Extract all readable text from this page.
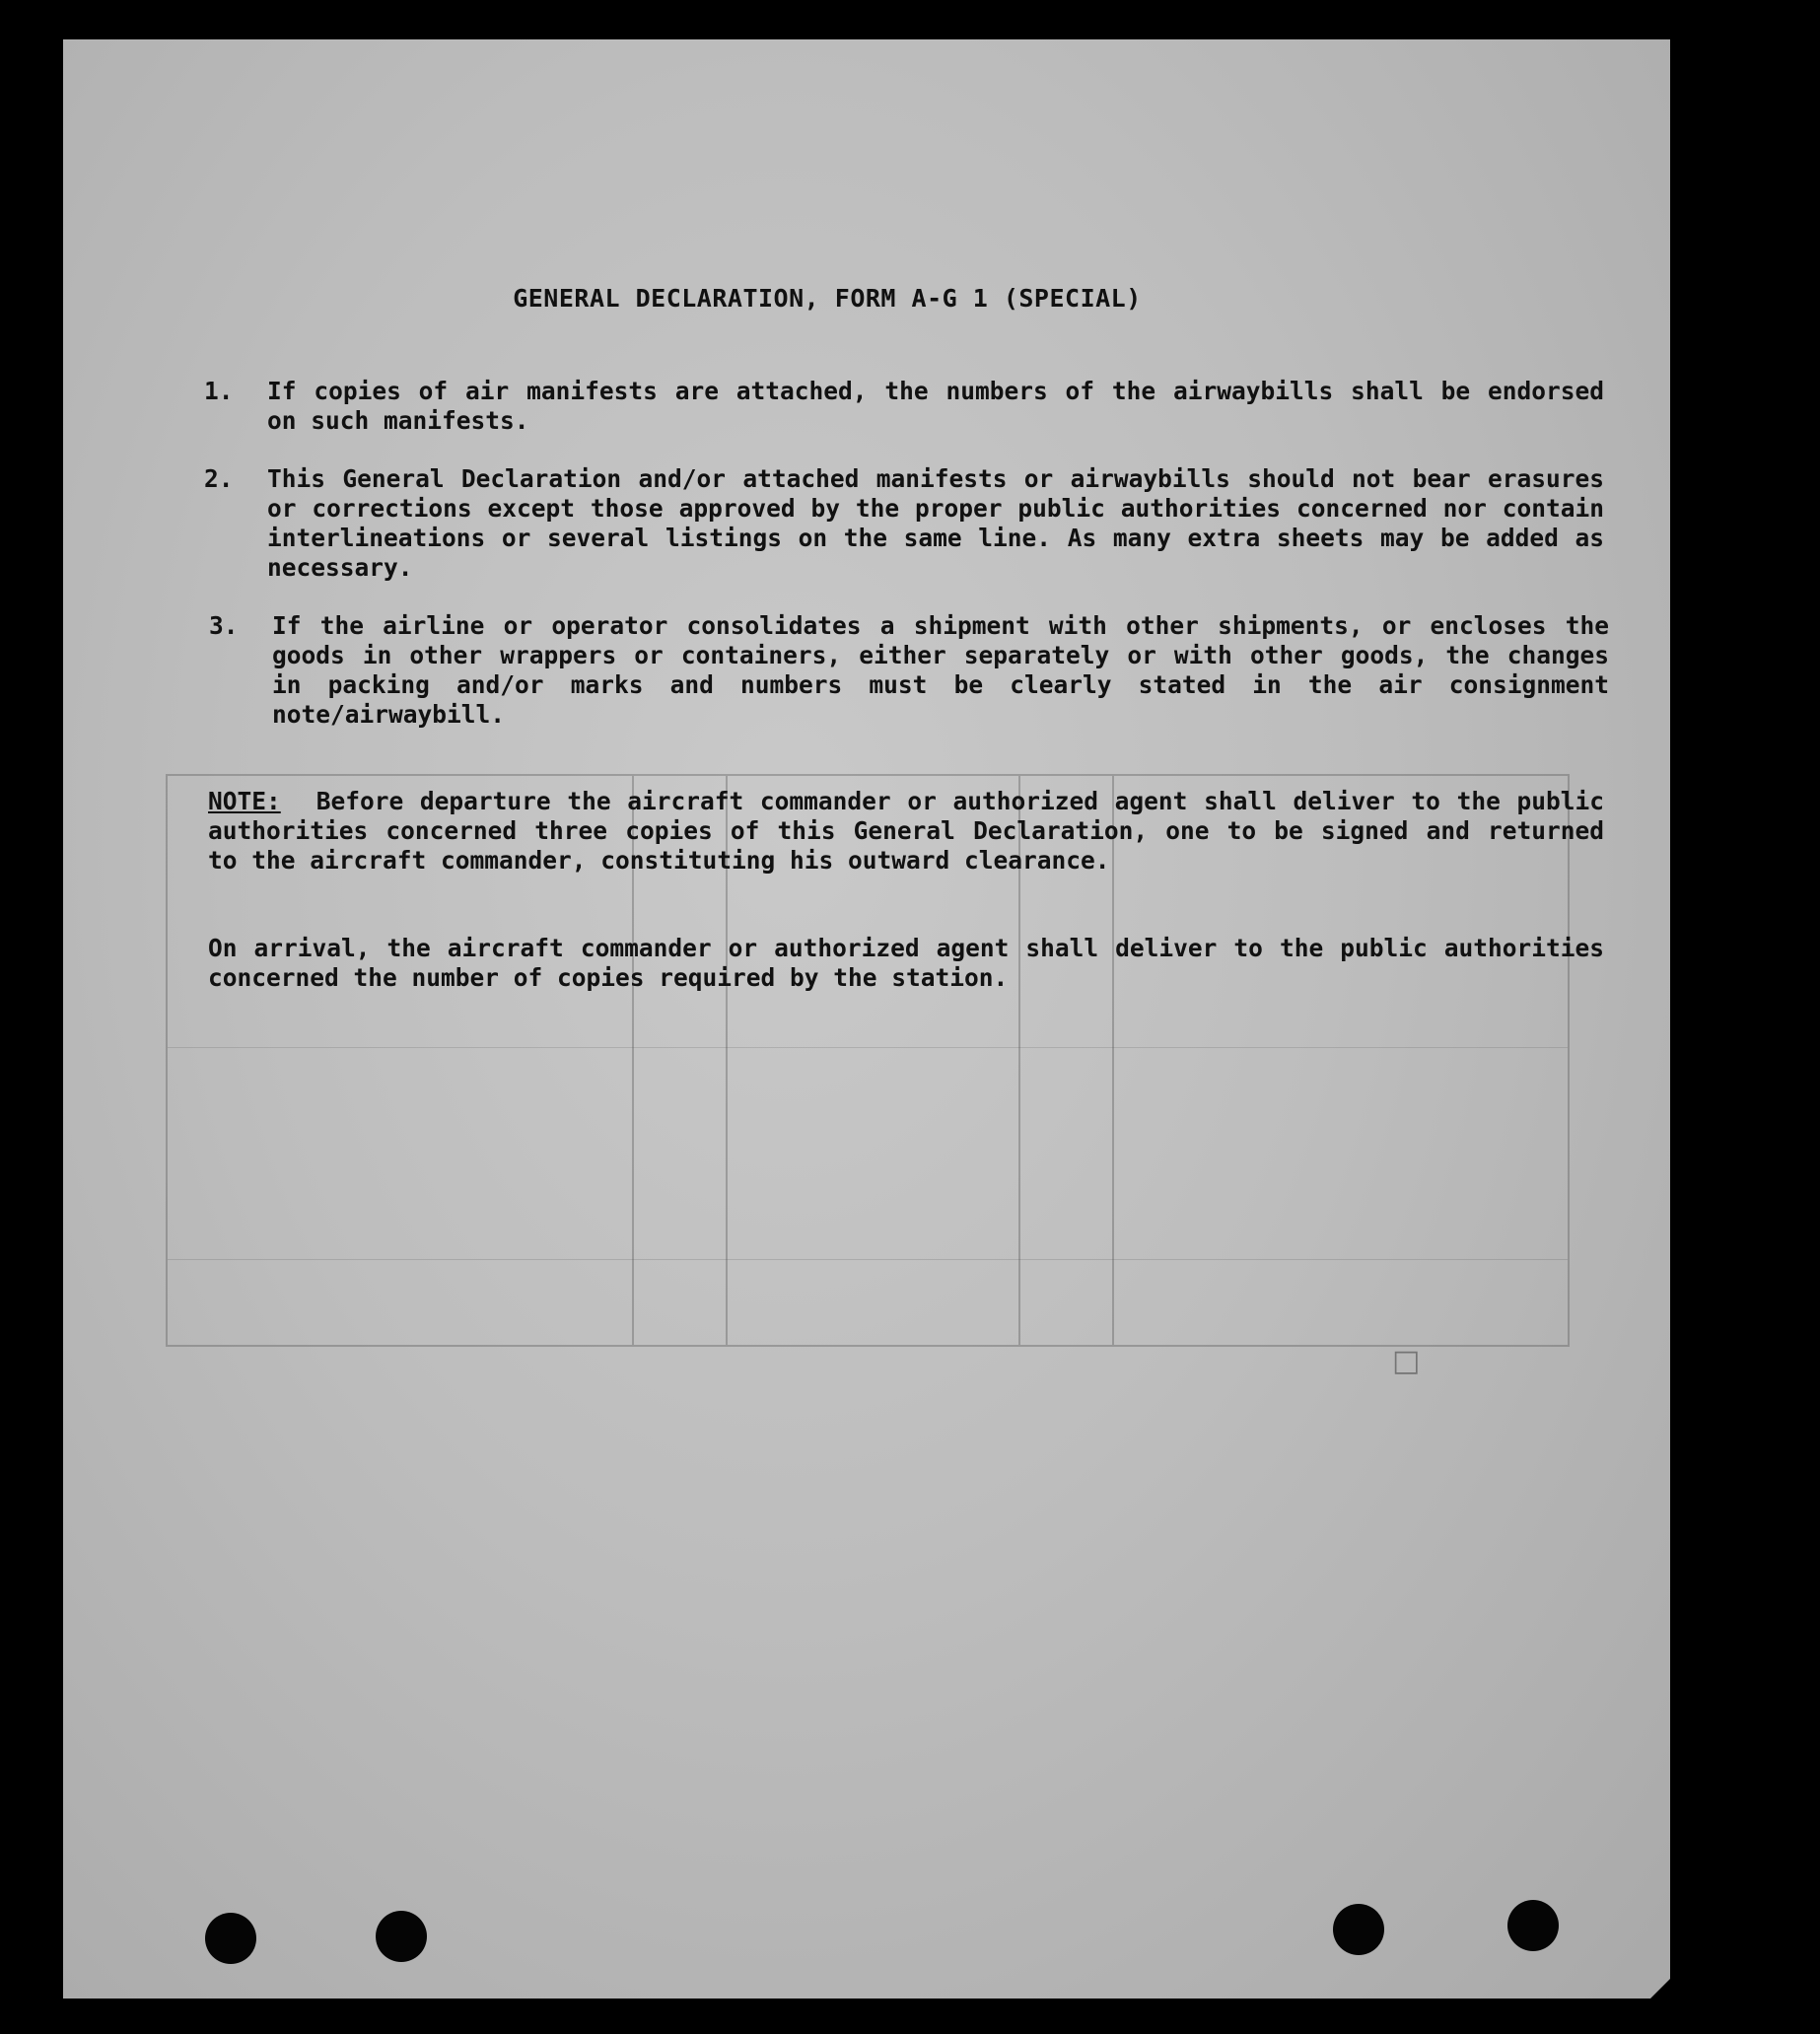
GENERAL DECLARATION, FORM A-G 1 (SPECIAL)
1.	If copies of air manifests are attached, the numbers of the airwaybills shall be endorsed on such manifests.
2.	This General Declaration and/or attached manifests or airwaybills should not bear erasures or corrections except those approved by the proper public authorities concerned nor contain interlineations or several listings on the same line. As many extra sheets may be added as necessary.
3.	If the airline or operator consolidates a shipment with other shipments, or encloses the goods in other wrappers or containers, either separately or with other goods, the changes in packing and/or marks and numbers must be clearly stated in the air consignment note/airwaybill.
NOTE: Before departure the aircraft commander or authorized agent shall deliver to the public authorities concerned three copies of this General Declaration, one to be signed and returned to the aircraft commander, constituting his outward clearance.
On arrival, the aircraft commander or authorized agent shall deliver to the public authorities concerned the number of copies required by the station.
□
